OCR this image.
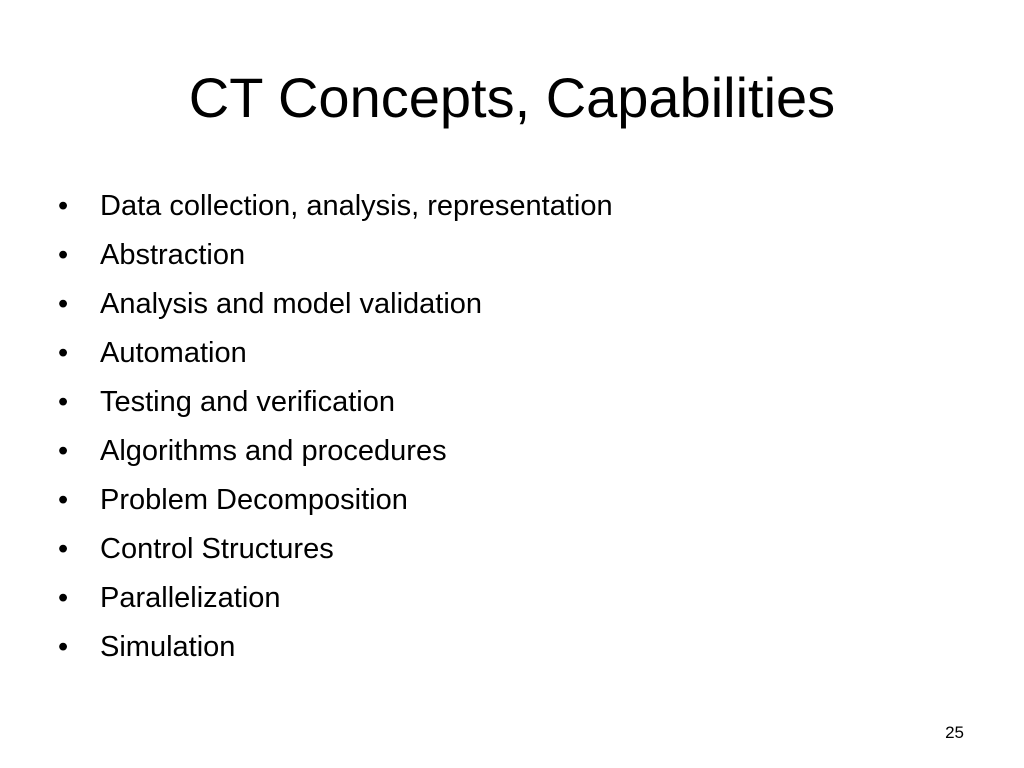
CT Concepts, Capabilities
•	Data collection, analysis, representation
•	Abstraction
•	Analysis and model validation
•	Automation
•	Testing and verification
•	Algorithms and procedures
•	Problem Decomposition
•	Control Structures
•	Parallelization
•	Simulation
25
